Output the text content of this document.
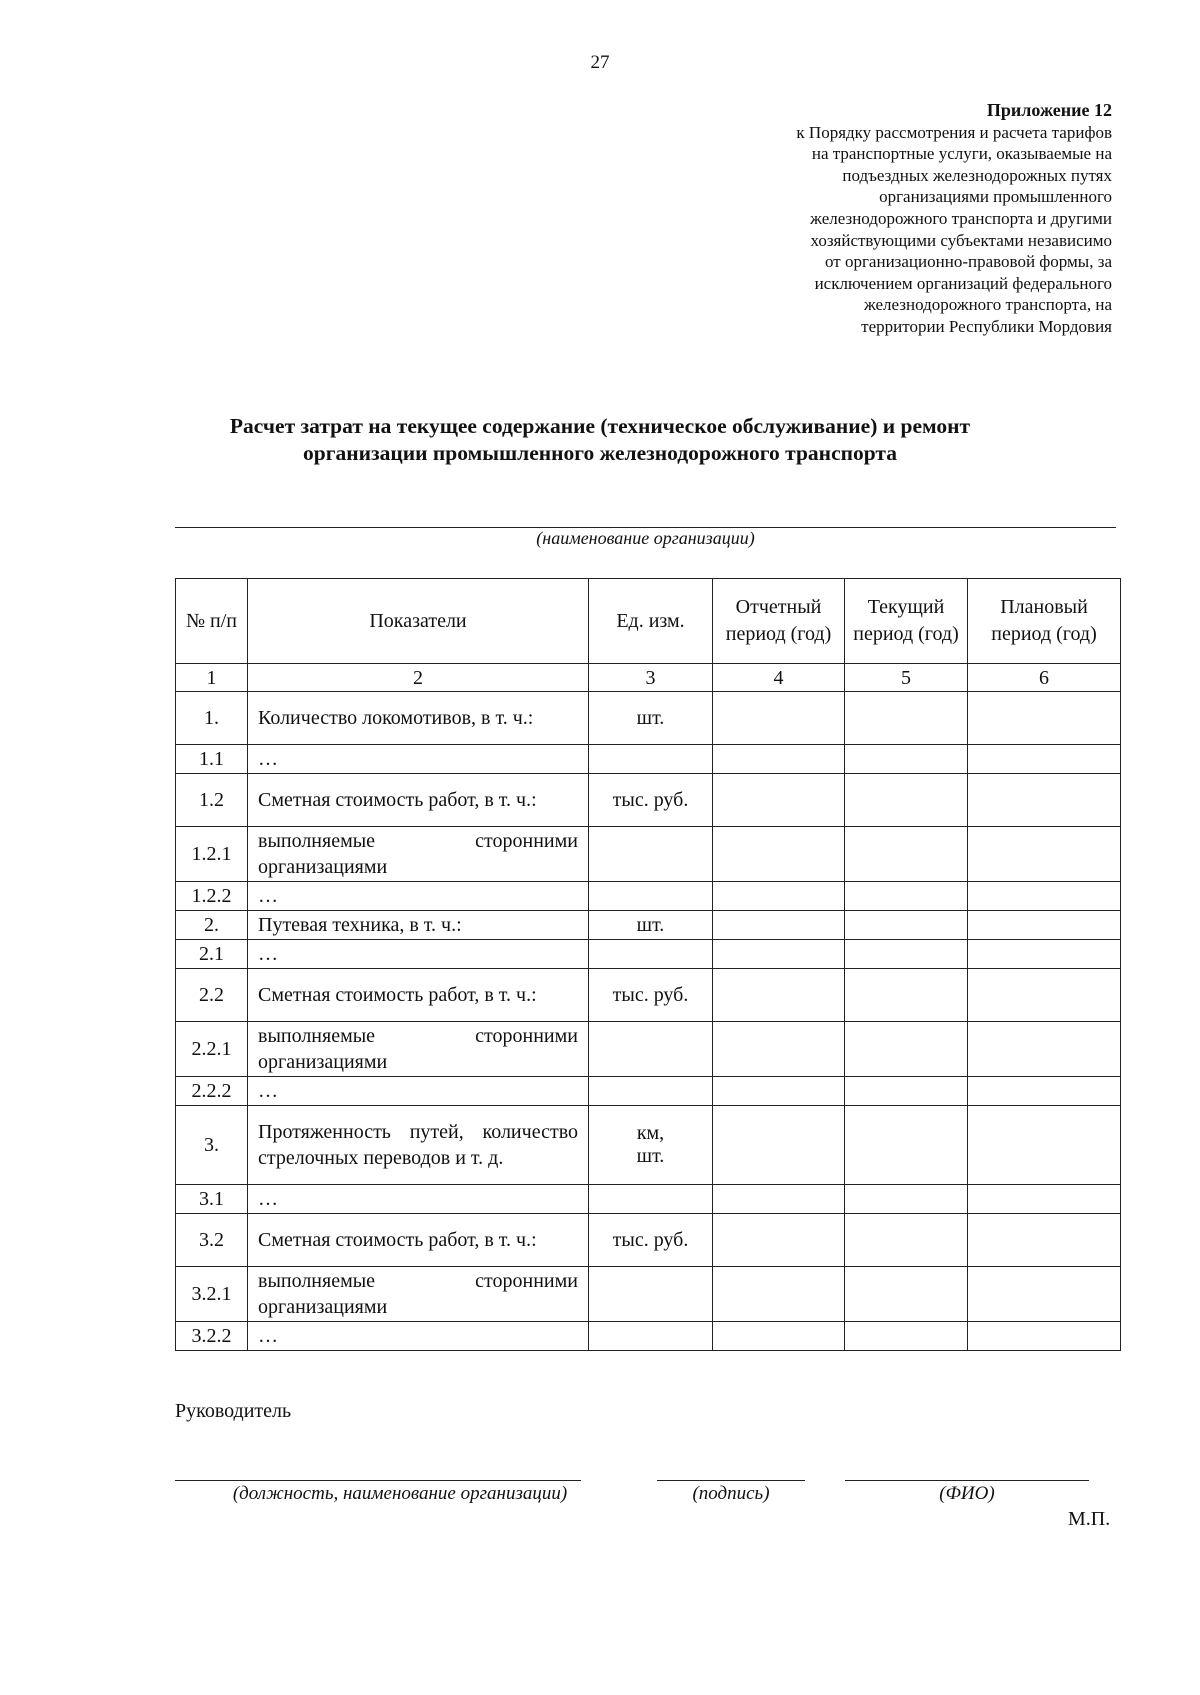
27
Приложение 12
к Порядку рассмотрения и расчета тарифов
на транспортные услуги, оказываемые на
подъездных железнодорожных путях
организациями промышленного
железнодорожного транспорта и другими
хозяйствующими субъектами независимо
от организационно-правовой формы, за
исключением организаций федерального
железнодорожного транспорта, на
территории Республики Мордовия
Расчет затрат на текущее содержание (техническое обслуживание) и ремонт
организации промышленного железнодорожного транспорта
(наименование организации)
№ п/п	Показатели	Ед. изм.	Отчетный период (год)	Текущий период (год)	Плановый период (год)
1	2	3	4	5	6
1.	Количество локомотивов, в т. ч.:	шт.			
1.1	…				
1.2	Сметная стоимость работ, в т. ч.:	тыс. руб.			
1.2.1	выполняемые сторонними организациями				
1.2.2	…				
2.	Путевая техника, в т. ч.:	шт.			
2.1	…				
2.2	Сметная стоимость работ, в т. ч.:	тыс. руб.			
2.2.1	выполняемые сторонними организациями				
2.2.2	…				
3.	Протяженность путей, количество стрелочных переводов и т. д.	км, шт.			
3.1	…				
3.2	Сметная стоимость работ, в т. ч.:	тыс. руб.			
3.2.1	выполняемые сторонними организациями				
3.2.2	…				
Руководитель
(должность, наименование организации)	(подпись)	(ФИО)
М.П.
